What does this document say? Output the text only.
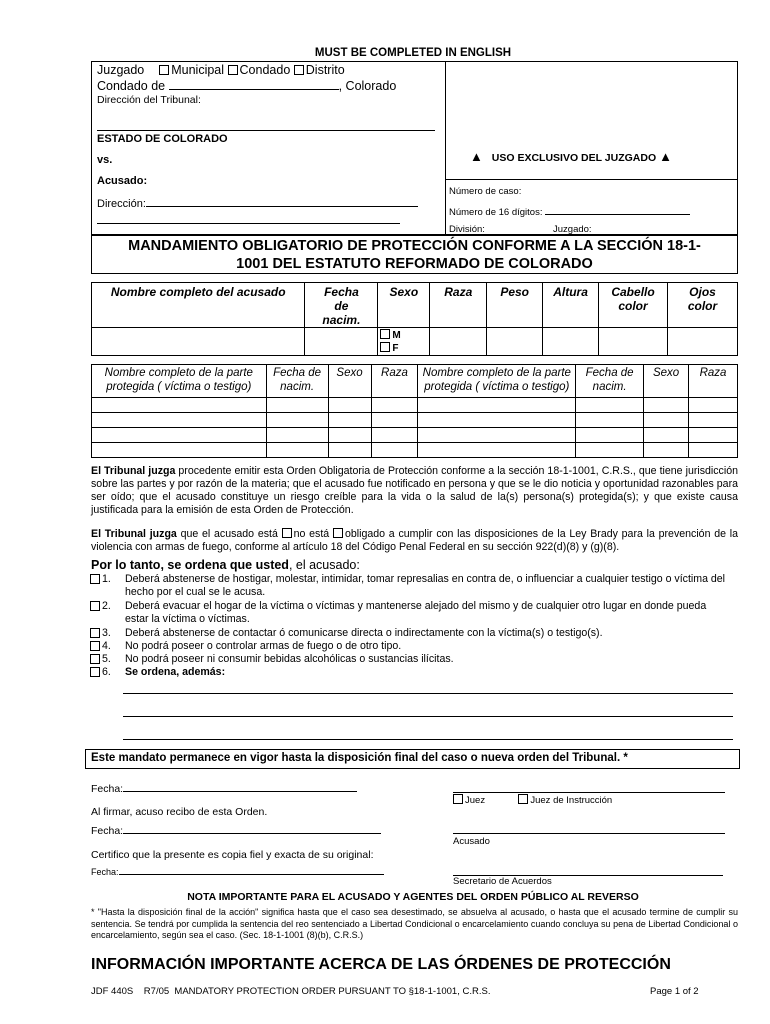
MUST BE COMPLETED IN ENGLISH
Juzgado Municipal Condado Distrito
Condado de	, Colorado
Dirección del Tribunal:
ESTADO DE COLORADO
vs.
Acusado:
Dirección:
▲ USO EXCLUSIVO DEL JUZGADO ▲
Número de caso:
Número de 16 dígitos:
División:	Juzgado:
MANDAMIENTO OBLIGATORIO DE PROTECCIÓN CONFORME A LA SECCIÓN 18-1-
1001 DEL ESTATUTO REFORMADO DE COLORADO
Nombre completo del acusado	Fecha de nacim.	Sexo	Raza	Peso	Altura	Cabello color	Ojos color

		M
F					

Nombre completo de la parte protegida ( víctima o testigo)	Fecha de nacim.	Sexo	Raza	Nombre completo de la parte protegida ( víctima o testigo)	Fecha de nacim.	Sexo	Raza

El Tribunal juzga procedente emitir esta Orden Obligatoria de Protección conforme a la sección 18-1-1001, C.R.S., que tiene jurisdicción sobre las partes y por razón de la materia; que el acusado fue notificado en persona y que se le dio noticia y oportunidad razonables para ser oído; que el acusado constituye un riesgo creíble para la vida o la salud de la(s) persona(s) protegida(s); y que existe causa justificada para la emisión de esta Orden de Protección.
El Tribunal juzga que el acusado está no está obligado a cumplir con las disposiciones de la Ley Brady para la prevención de la violencia con armas de fuego, conforme al artículo 18 del Código Penal Federal en su sección 922(d)(8) y (g)(8).
Por lo tanto, se ordena que usted, el acusado:
1. Deberá abstenerse de hostigar, molestar, intimidar, tomar represalias en contra de, o influenciar a cualquier testigo o víctima del hecho por el cual se le acusa.
2. Deberá evacuar el hogar de la víctima o víctimas y mantenerse alejado del mismo y de cualquier otro lugar en donde pueda estar la víctima o víctimas.
3. Deberá abstenerse de contactar ó comunicarse directa o indirectamente con la víctima(s) o testigo(s).
4. No podrá poseer o controlar armas de fuego o de otro tipo.
5. No podrá poseer ni consumir bebidas alcohólicas o sustancias ilícitas.
6. Se ordena, además:
Este mandato permanece en vigor hasta la disposición final del caso o nueva orden del Tribunal. *
Fecha:
Juez	Juez de Instrucción
Al firmar, acuso recibo de esta Orden.
Fecha:
Acusado
Certifico que la presente es copia fiel y exacta de su original:
Fecha:
Secretario de Acuerdos
NOTA IMPORTANTE PARA EL ACUSADO Y AGENTES DEL ORDEN PÚBLICO AL REVERSO
* "Hasta la disposición final de la acción" significa hasta que el caso sea desestimado, se absuelva al acusado, o hasta que el acusado termine de cumplir su sentencia. Se tendrá por cumplida la sentencia del reo sentenciado a Libertad Condicional o encarcelamiento cuando concluya su pena de Libertad Condicional o encarcelamiento, según sea el caso. (Sec. 18-1-1001 (8)(b), C.R.S.)
INFORMACIÓN IMPORTANTE ACERCA DE LAS ÓRDENES DE PROTECCIÓN
JDF 440S    R7/05  MANDATORY PROTECTION ORDER PURSUANT TO §18-1-1001, C.R.S.	Page 1 of 2
